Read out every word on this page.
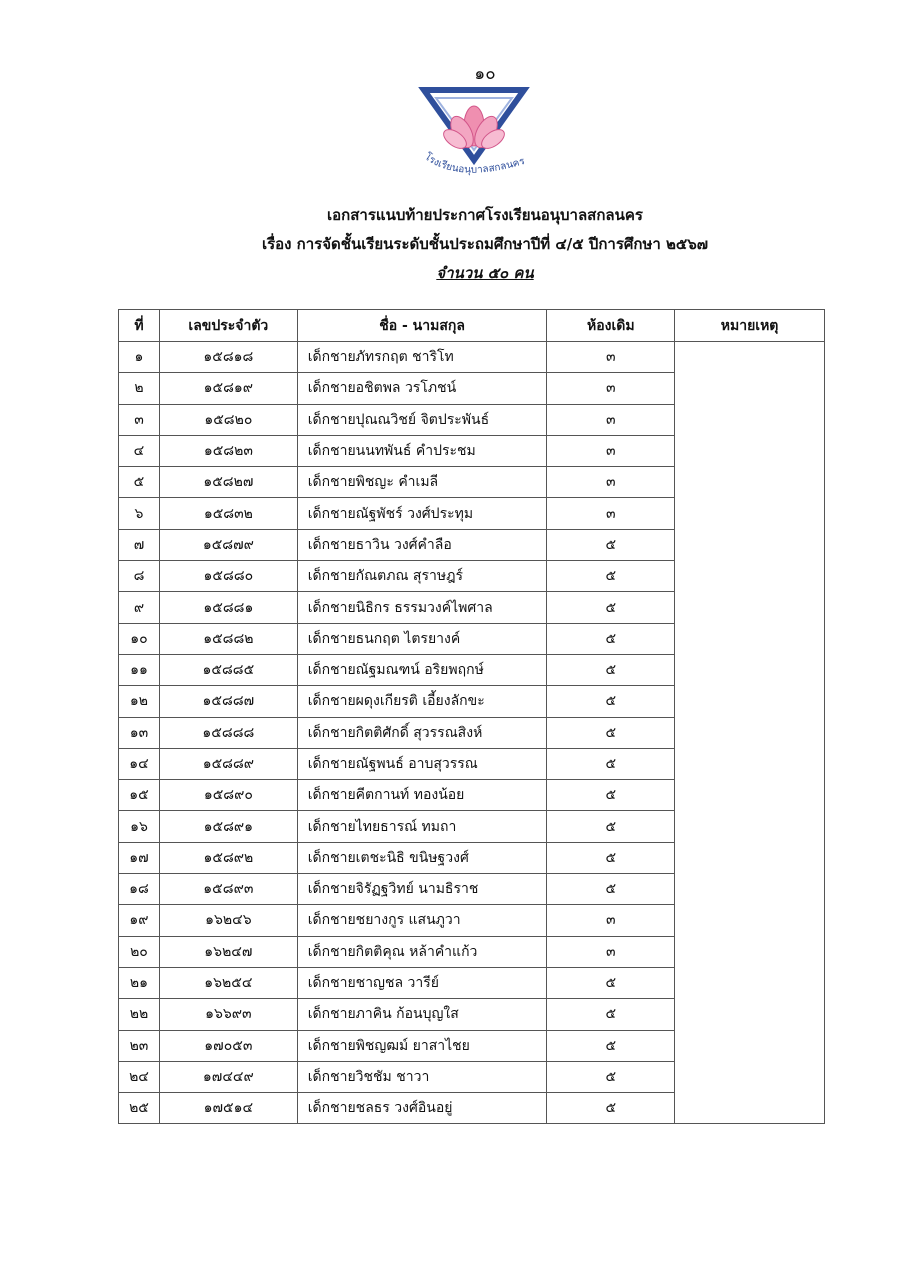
๑๐
โรงเรียนอนุบาลสกลนคร
เอกสารแนบท้ายประกาศโรงเรียนอนุบาลสกลนคร
เรื่อง การจัดชั้นเรียนระดับชั้นประถมศึกษาปีที่ ๔/๕ ปีการศึกษา ๒๕๖๗
จำนวน ๕๐ คน
ที่	เลขประจำตัว	ชื่อ - นามสกุล	ห้องเดิม	หมายเหตุ
๑	๑๕๘๑๘	เด็กชายภัทรกฤต ชาริโท	๓	
๒	๑๕๘๑๙	เด็กชายอชิตพล วรโภชน์	๓	
๓	๑๕๘๒๐	เด็กชายปุณณวิชย์ จิตประพันธ์	๓	
๔	๑๕๘๒๓	เด็กชายนนทพันธ์ คำประชม	๓	
๕	๑๕๘๒๗	เด็กชายพิชญะ คำเมลี	๓	
๖	๑๕๘๓๒	เด็กชายณัฐพัชร์ วงศ์ประทุม	๓	
๗	๑๕๘๗๙	เด็กชายธาวิน วงศ์คำลือ	๕	
๘	๑๕๘๘๐	เด็กชายกัณตภณ สุราษฎร์	๕	
๙	๑๕๘๘๑	เด็กชายนิธิกร ธรรมวงค์ไพศาล	๕	
๑๐	๑๕๘๘๒	เด็กชายธนกฤต ไตรยางค์	๕	
๑๑	๑๕๘๘๕	เด็กชายณัฐมณฑน์ อริยพฤกษ์	๕	
๑๒	๑๕๘๘๗	เด็กชายผดุงเกียรติ เอี้ยงลักขะ	๕	
๑๓	๑๕๘๘๘	เด็กชายกิตติศักดิ์ สุวรรณสิงห์	๕	
๑๔	๑๕๘๘๙	เด็กชายณัฐพนธ์ อาบสุวรรณ	๕	
๑๕	๑๕๘๙๐	เด็กชายคีตกานท์ ทองน้อย	๕	
๑๖	๑๕๘๙๑	เด็กชายไทยธารณ์ ทมถา	๕	
๑๗	๑๕๘๙๒	เด็กชายเตชะนิธิ ขนิษฐวงศ์	๕	
๑๘	๑๕๘๙๓	เด็กชายจิรัฏฐวิทย์ นามธิราช	๕	
๑๙	๑๖๒๔๖	เด็กชายชยางกูร แสนภูวา	๓	
๒๐	๑๖๒๔๗	เด็กชายกิตติคุณ หล้าคำแก้ว	๓	
๒๑	๑๖๒๕๔	เด็กชายชาญชล วารีย์	๕	
๒๒	๑๖๖๙๓	เด็กชายภาคิน ก้อนบุญใส	๕	
๒๓	๑๗๐๕๓	เด็กชายพิชญฒม์ ยาสาไชย	๕	
๒๔	๑๗๔๔๙	เด็กชายวิชชัม ชาวา	๕	
๒๕	๑๗๕๑๔	เด็กชายชลธร วงศ์อินอยู่	๕	
